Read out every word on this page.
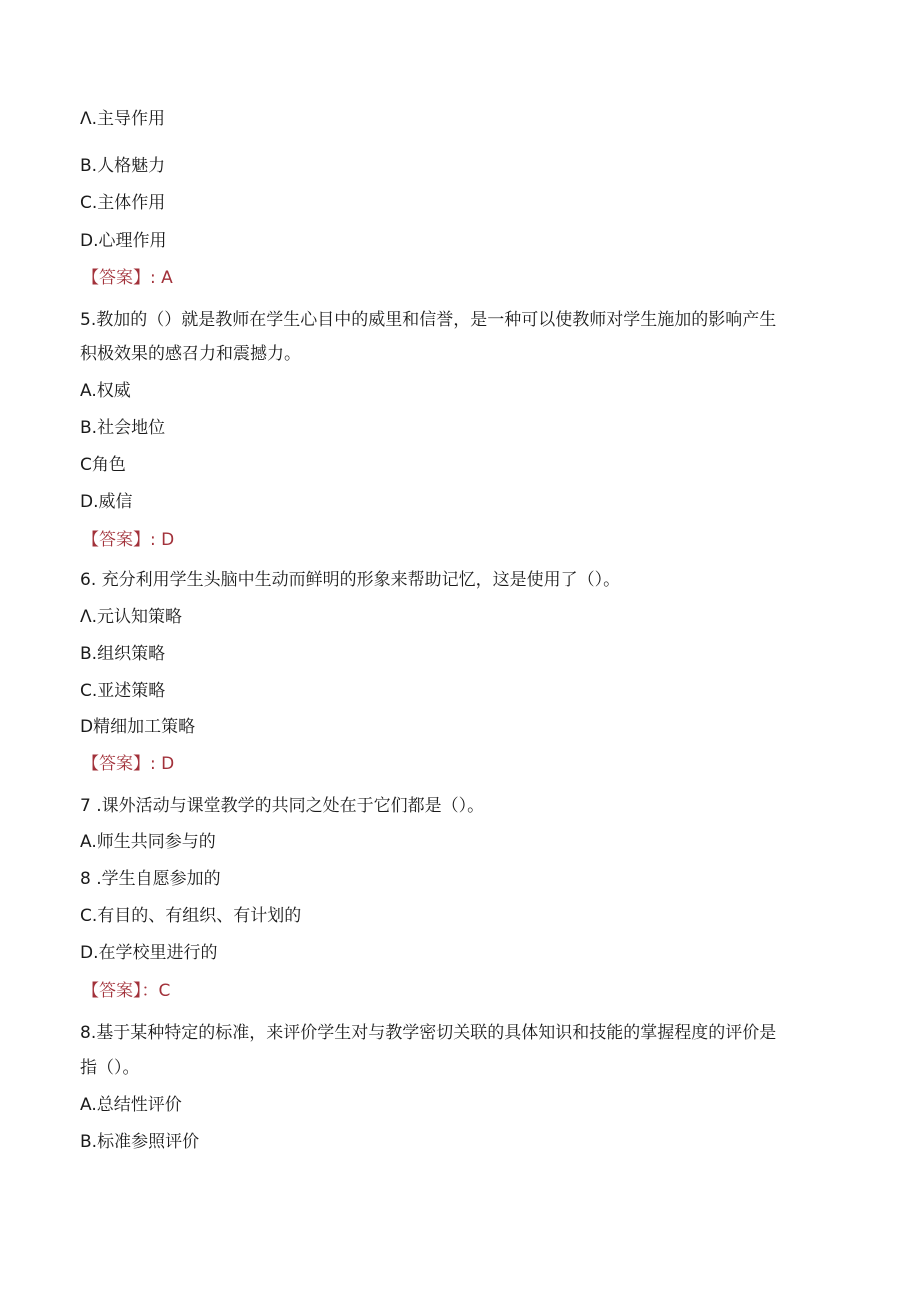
Λ.主导作用
B.人格魅力
C.主体作用
D.心理作用
【答案】: A
5.教加的（）就是教师在学生心目中的威里和信誉，是一种可以使教师对学生施加的影响产生
积极效果的感召力和震撼力。
A.权威
B.社会地位
C角色
D.威信
【答案】: D
6. 充分利用学生头脑中生动而鲜明的形象来帮助记忆，这是使用了（）。
Λ.元认知策略
B.组织策略
C.亚述策略
D精细加工策略
【答案】: D
7 .课外活动与课堂教学的共同之处在于它们都是（）。
A.师生共同参与的
8 .学生自愿参加的
C.有目的、有组织、有计划的
D.在学校里进行的
【答案】：C
8.基于某种特定的标准，来评价学生对与教学密切关联的具体知识和技能的掌握程度的评价是
指（）。
A.总结性评价
B.标准参照评价
